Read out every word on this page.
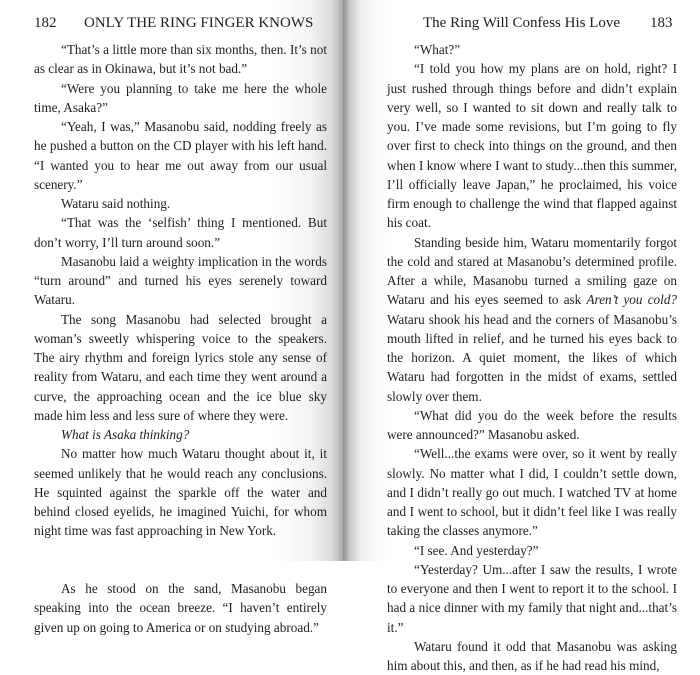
182 ONLY THE RING FINGER KNOWS

“That’s a little more than six months, then. It’s not as clear as in Okinawa, but it’s not bad.”

“Were you planning to take me here the whole time, Asaka?”

“Yeah, I was,” Masanobu said, nodding freely as he pushed a button on the CD player with his left hand. “I wanted you to hear me out away from our usual scenery.”

Wataru said nothing.

“That was the ‘selfish’ thing I mentioned. But don’t worry, I’ll turn around soon.”

Masanobu laid a weighty implication in the words “turn around” and turned his eyes serenely toward Wataru.

The song Masanobu had selected brought a woman’s sweetly whispering voice to the speakers. The airy rhythm and foreign lyrics stole any sense of reality from Wataru, and each time they went around a curve, the approaching ocean and the ice blue sky made him less and less sure of where they were.

What is Asaka thinking?

No matter how much Wataru thought about it, it seemed unlikely that he would reach any conclusions. He squinted against the sparkle off the water and behind closed eyelids, he imagined Yuichi, for whom night time was fast approaching in New York.

As he stood on the sand, Masanobu began speaking into the ocean breeze. “I haven’t entirely given up on going to America or on studying abroad.”

The Ring Will Confess His Love 183

“What?”

“I told you how my plans are on hold, right? I just rushed through things before and didn’t explain very well, so I wanted to sit down and really talk to you. I’ve made some revisions, but I’m going to fly over first to check into things on the ground, and then when I know where I want to study...then this summer, I’ll officially leave Japan,” he proclaimed, his voice firm enough to challenge the wind that flapped against his coat.

Standing beside him, Wataru momentarily forgot the cold and stared at Masanobu’s determined profile. After a while, Masanobu turned a smiling gaze on Wataru and his eyes seemed to ask Aren’t you cold? Wataru shook his head and the corners of Masanobu’s mouth lifted in relief, and he turned his eyes back to the horizon. A quiet moment, the likes of which Wataru had forgotten in the midst of exams, settled slowly over them.

“What did you do the week before the results were announced?” Masanobu asked.

“Well...the exams were over, so it went by really slowly. No matter what I did, I couldn’t settle down, and I didn’t really go out much. I watched TV at home and I went to school, but it didn’t feel like I was really taking the classes anymore.”

“I see. And yesterday?”

“Yesterday? Um...after I saw the results, I wrote to everyone and then I went to report it to the school. I had a nice dinner with my family that night and...that’s it.”

Wataru found it odd that Masanobu was asking him about this, and then, as if he had read his mind,
